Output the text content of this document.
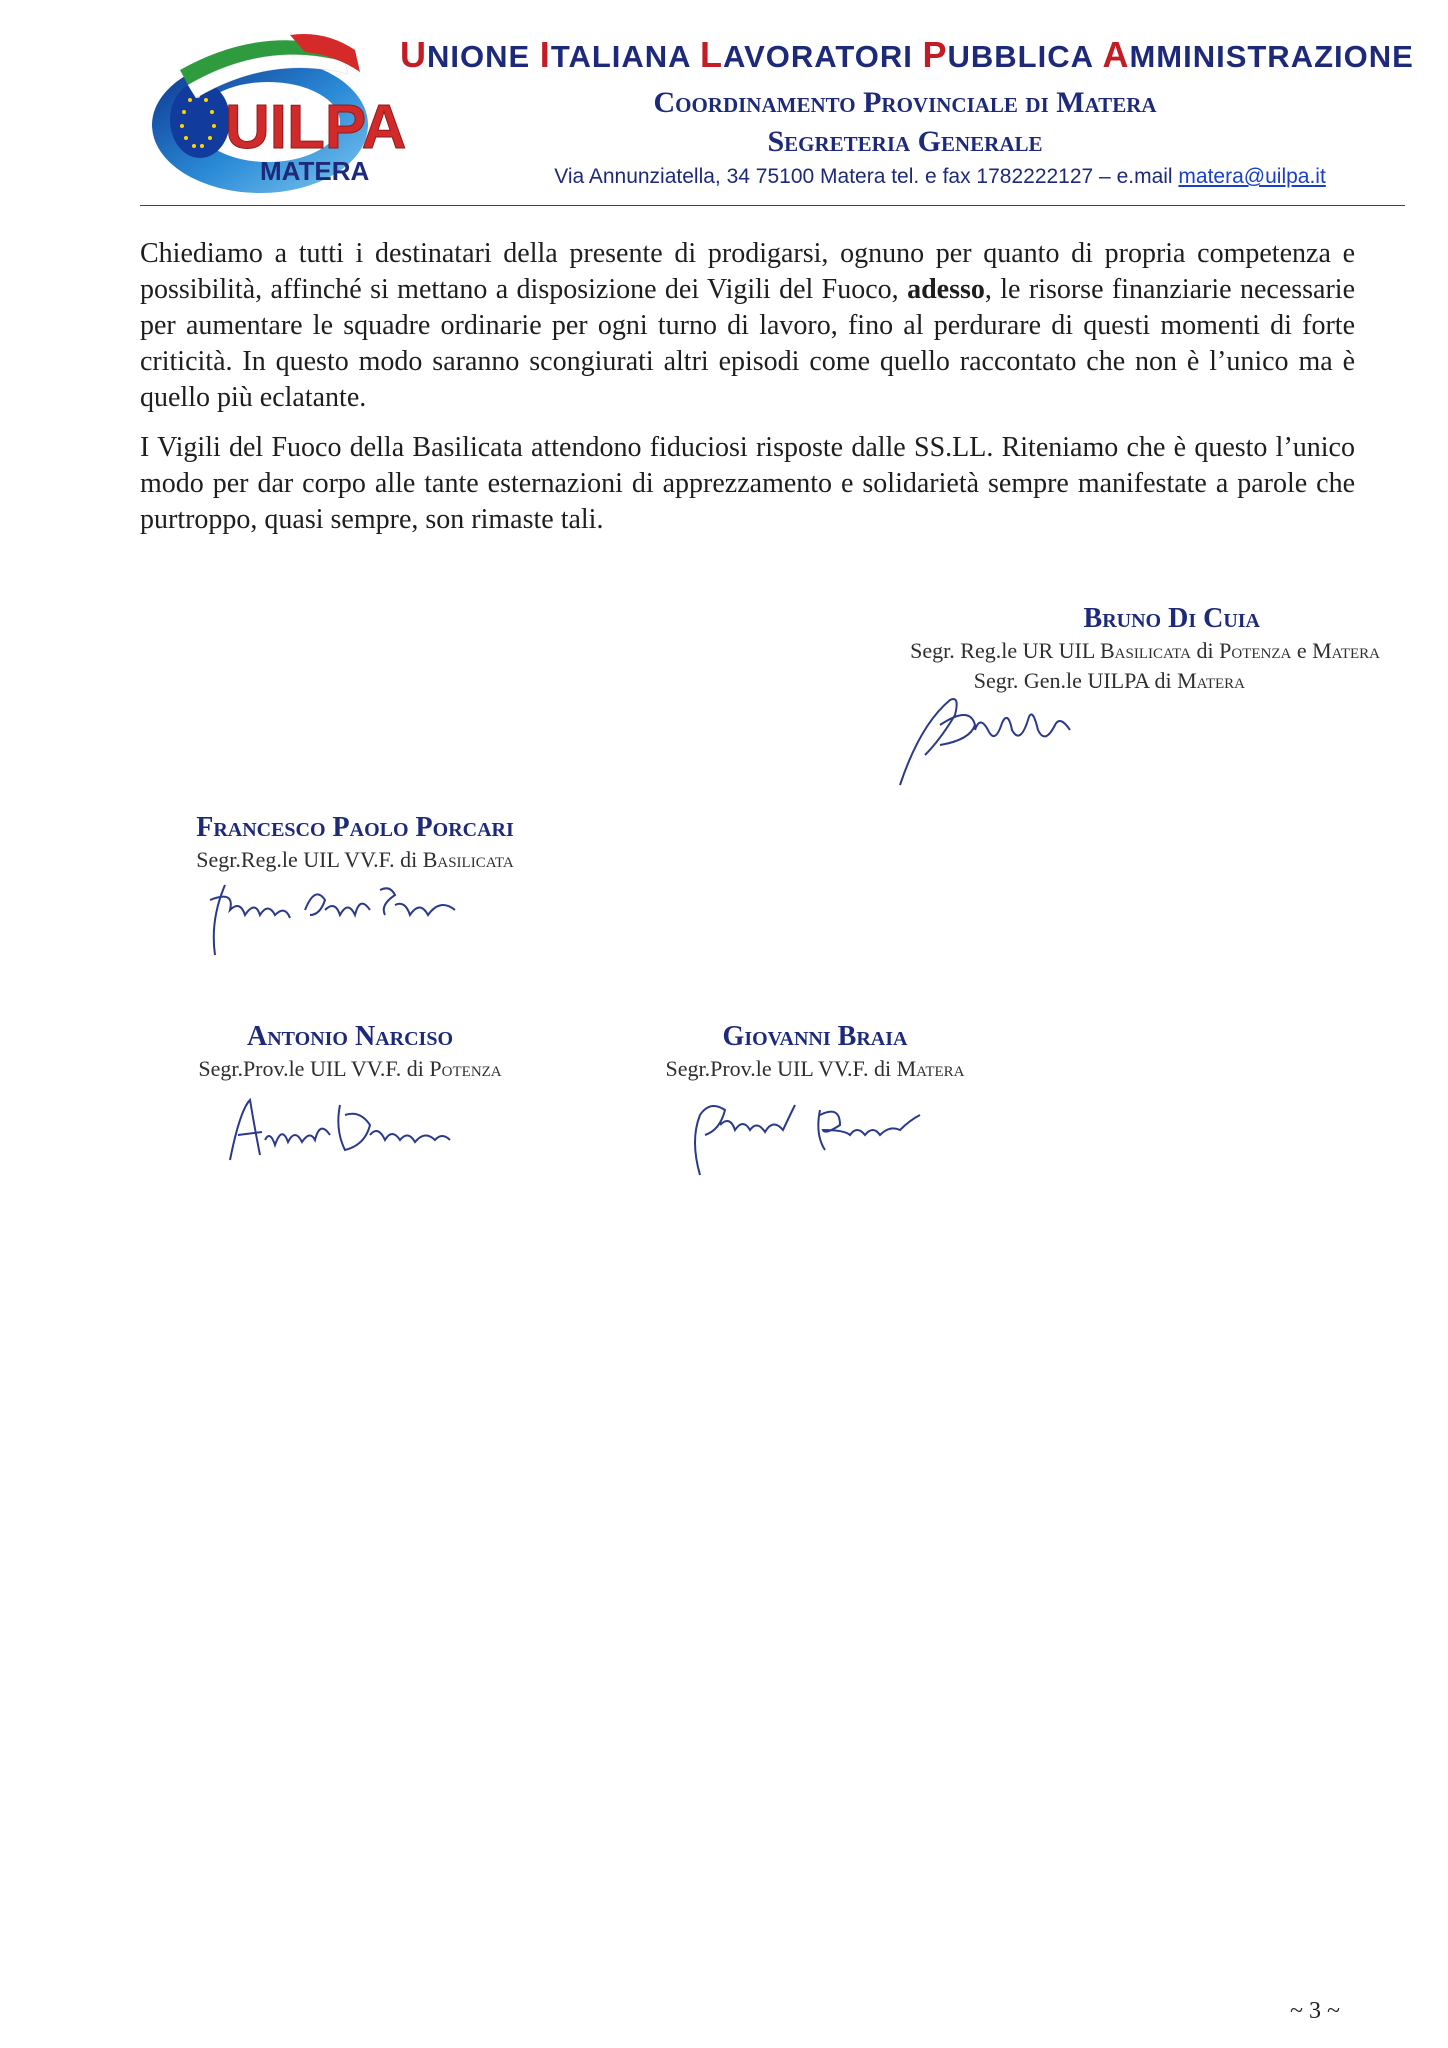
UILPA
MATERA
UNIONE ITALIANA LAVORATORI PUBBLICA AMMINISTRAZIONE
Coordinamento Provinciale di Matera
Segreteria Generale
Via Annunziatella, 34 75100 Matera tel. e fax 1782222127 – e.mail matera@uilpa.it
Chiediamo a tutti i destinatari della presente di prodigarsi, ognuno per quanto di propria competenza e possibilità, affinché si mettano a disposizione dei Vigili del Fuoco, adesso, le risorse finanziarie necessarie per aumentare le squadre ordinarie per ogni turno di lavoro, fino al perdurare di questi momenti di forte criticità. In questo modo saranno scongiurati altri episodi come quello raccontato che non è l’unico ma è quello più eclatante.
I Vigili del Fuoco della Basilicata attendono fiduciosi risposte dalle SS.LL. Riteniamo che è questo l’unico modo per dar corpo alle tante esternazioni di apprezzamento e solidarietà sempre manifestate a parole che purtroppo, quasi sempre, son rimaste tali.
Bruno Di Cuia
Segr. Reg.le UR UIL Basilicata di Potenza e Matera
Segr. Gen.le UILPA di Matera
Francesco Paolo Porcari
Segr.Reg.le UIL VV.F. di Basilicata
Antonio Narciso
Segr.Prov.le UIL VV.F. di Potenza
Giovanni Braia
Segr.Prov.le UIL VV.F. di Matera
~ 3 ~
